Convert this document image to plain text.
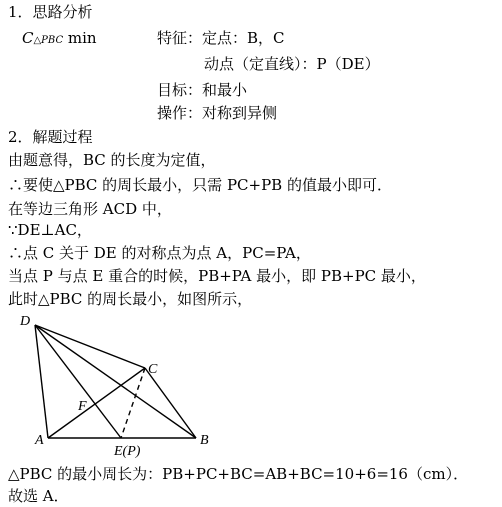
1．思路分析
C△PBC min	特征：定点：B，C
动点（定直线）：P（DE）
目标：和最小
操作：对称到异侧
2．解题过程
由题意得，BC 的长度为定值，
∴要使△PBC 的周长最小，只需 PC+PB 的值最小即可．
在等边三角形 ACD 中，
∵DE⊥AC，
∴点 C 关于 DE 的对称点为点 A，PC=PA，
当点 P 与点 E 重合的时候，PB+PA 最小，即 PB+PC 最小，
此时△PBC 的周长最小，如图所示，
D
C
F
A
E(P)
B
△PBC 的最小周长为：PB+PC+BC=AB+BC=10+6=16（cm）．
故选 A．
